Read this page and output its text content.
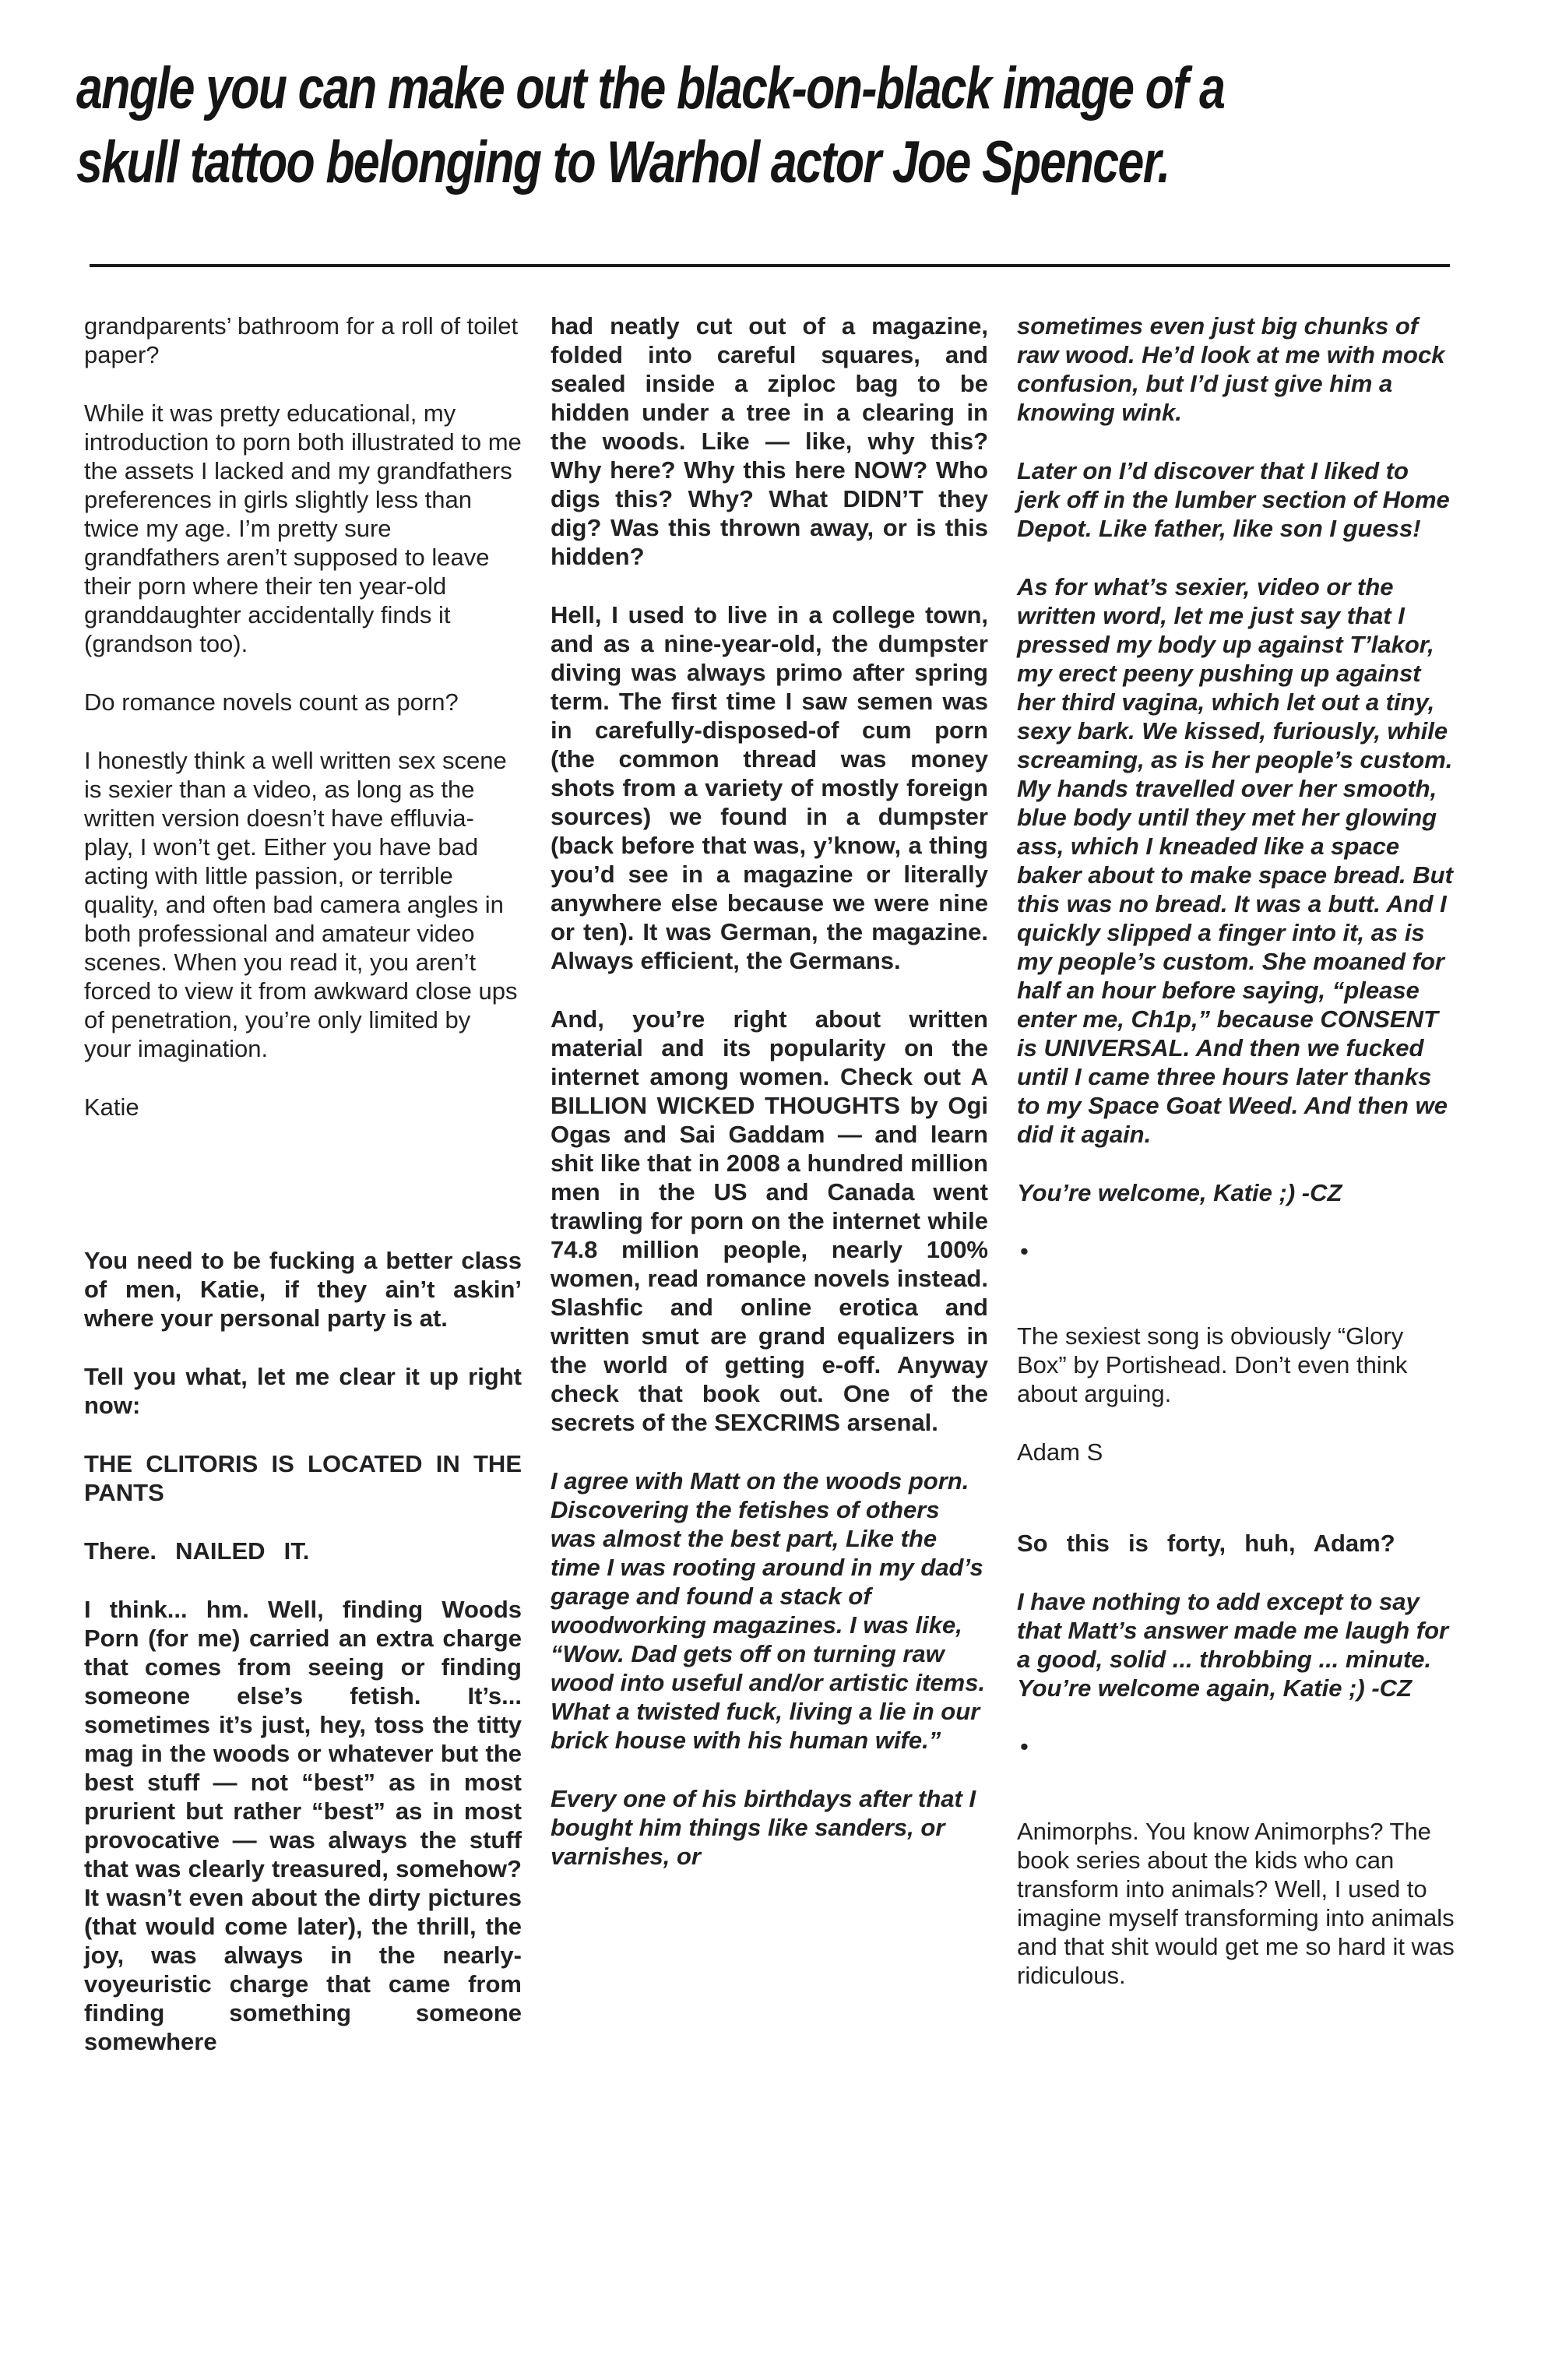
angle you can make out the black-on-black image of a
skull tattoo belonging to Warhol actor Joe Spencer.

grandparents’ bathroom for a roll of toilet paper?

While it was pretty educational, my introduction to porn both illustrated to me the assets I lacked and my grandfathers preferences in girls slightly less than twice my age. I’m pretty sure grandfathers aren’t supposed to leave their porn where their ten year-old granddaughter accidentally finds it (grandson too).

Do romance novels count as porn?

I honestly think a well written sex scene is sexier than a video, as long as the written version doesn’t have effluvia-play, I won’t get. Either you have bad acting with little passion, or terrible quality, and often bad camera angles in both professional and amateur video scenes. When you read it, you aren’t forced to view it from awkward close ups of penetration, you’re only limited by your imagination.

Katie

You need to be fucking a better class of men, Katie, if they ain’t askin’ where your personal party is at.

Tell you what, let me clear it up right now:

THE CLITORIS IS LOCATED IN THE PANTS

There. NAILED IT.

I think... hm. Well, finding Woods Porn (for me) carried an extra charge that comes from seeing or finding someone else’s fetish. It’s... sometimes it’s just, hey, toss the titty mag in the woods or whatever but the best stuff — not “best” as in most prurient but rather “best” as in most provocative — was always the stuff that was clearly treasured, somehow? It wasn’t even about the dirty pictures (that would come later), the thrill, the joy, was always in the nearly-voyeuristic charge that came from finding something someone somewhere

had neatly cut out of a magazine, folded into careful squares, and sealed inside a ziploc bag to be hidden under a tree in a clearing in the woods. Like — like, why this? Why here? Why this here NOW? Who digs this? Why? What DIDN’T they dig? Was this thrown away, or is this hidden?

Hell, I used to live in a college town, and as a nine-year-old, the dumpster diving was always primo after spring term. The first time I saw semen was in carefully-disposed-of cum porn (the common thread was money shots from a variety of mostly foreign sources) we found in a dumpster (back before that was, y’know, a thing you’d see in a magazine or literally anywhere else because we were nine or ten). It was German, the magazine. Always efficient, the Germans.

And, you’re right about written material and its popularity on the internet among women. Check out A BILLION WICKED THOUGHTS by Ogi Ogas and Sai Gaddam — and learn shit like that in 2008 a hundred million men in the US and Canada went trawling for porn on the internet while 74.8 million people, nearly 100% women, read romance novels instead. Slashfic and online erotica and written smut are grand equalizers in the world of getting e-off. Anyway check that book out. One of the secrets of the SEXCRIMS arsenal.

I agree with Matt on the woods porn. Discovering the fetishes of others was almost the best part, Like the time I was rooting around in my dad’s garage and found a stack of woodworking magazines. I was like, “Wow. Dad gets off on turning raw wood into useful and/or artistic items. What a twisted fuck, living a lie in our brick house with his human wife.”

Every one of his birthdays after that I bought him things like sanders, or varnishes, or

sometimes even just big chunks of raw wood. He’d look at me with mock confusion, but I’d just give him a knowing wink.

Later on I’d discover that I liked to jerk off in the lumber section of Home Depot. Like father, like son I guess!

As for what’s sexier, video or the written word, let me just say that I pressed my body up against T’lakor, my erect peeny pushing up against her third vagina, which let out a tiny, sexy bark. We kissed, furiously, while screaming, as is her people’s custom. My hands travelled over her smooth, blue body until they met her glowing ass, which I kneaded like a space baker about to make space bread. But this was no bread. It was a butt. And I quickly slipped a finger into it, as is my people’s custom. She moaned for half an hour before saying, “please enter me, Ch1p,” because CONSENT is UNIVERSAL. And then we fucked until I came three hours later thanks to my Space Goat Weed. And then we did it again.

You’re welcome, Katie ;) -CZ

•

The sexiest song is obviously “Glory Box” by Portishead. Don’t even think about arguing.

Adam S

So this is forty, huh, Adam?

I have nothing to add except to say that Matt’s answer made me laugh for a good, solid ... throbbing ... minute. You’re welcome again, Katie ;) -CZ

•

Animorphs. You know Animorphs? The book series about the kids who can transform into animals? Well, I used to imagine myself transforming into animals and that shit would get me so hard it was ridiculous.
